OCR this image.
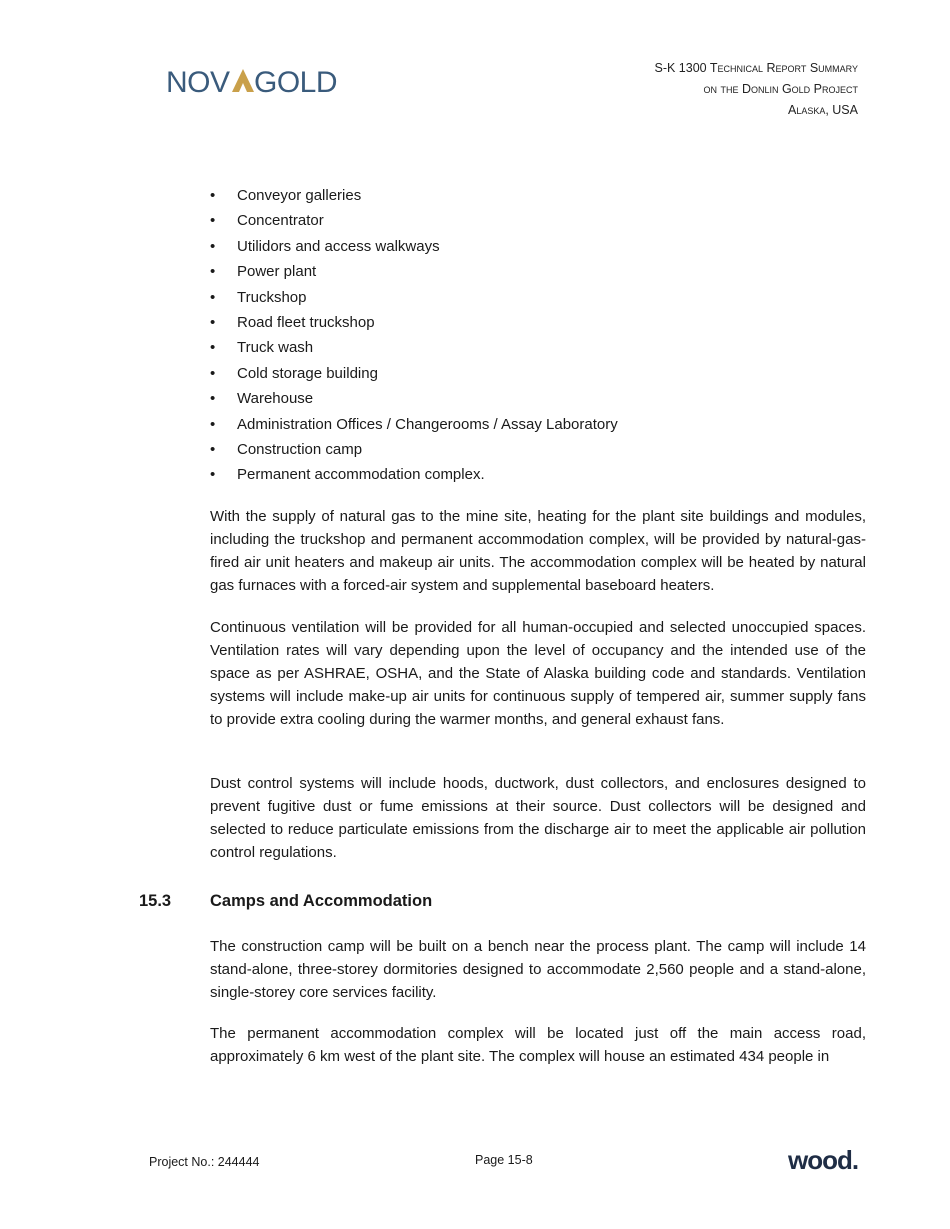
NOV GOLD	S-K 1300 Technical Report Summary
on the Donlin Gold Project
Alaska, USA
• Conveyor galleries
• Concentrator
• Utilidors and access walkways
• Power plant
• Truckshop
• Road fleet truckshop
• Truck wash
• Cold storage building
• Warehouse
• Administration Offices / Changerooms / Assay Laboratory
• Construction camp
• Permanent accommodation complex.

With the supply of natural gas to the mine site, heating for the plant site buildings and modules, including the truckshop and permanent accommodation complex, will be provided by natural-gas-fired air unit heaters and makeup air units. The accommodation complex will be heated by natural gas furnaces with a forced-air system and supplemental baseboard heaters.

Continuous ventilation will be provided for all human-occupied and selected unoccupied spaces. Ventilation rates will vary depending upon the level of occupancy and the intended use of the space as per ASHRAE, OSHA, and the State of Alaska building code and standards. Ventilation systems will include make-up air units for continuous supply of tempered air, summer supply fans to provide extra cooling during the warmer months, and general exhaust fans.

Dust control systems will include hoods, ductwork, dust collectors, and enclosures designed to prevent fugitive dust or fume emissions at their source. Dust collectors will be designed and selected to reduce particulate emissions from the discharge air to meet the applicable air pollution control regulations.

15.3 Camps and Accommodation

The construction camp will be built on a bench near the process plant. The camp will include 14 stand-alone, three-storey dormitories designed to accommodate 2,560 people and a stand-alone, single-storey core services facility.

The permanent accommodation complex will be located just off the main access road, approximately 6 km west of the plant site. The complex will house an estimated 434 people in

Project No.: 244444	Page 15-8	wood.
